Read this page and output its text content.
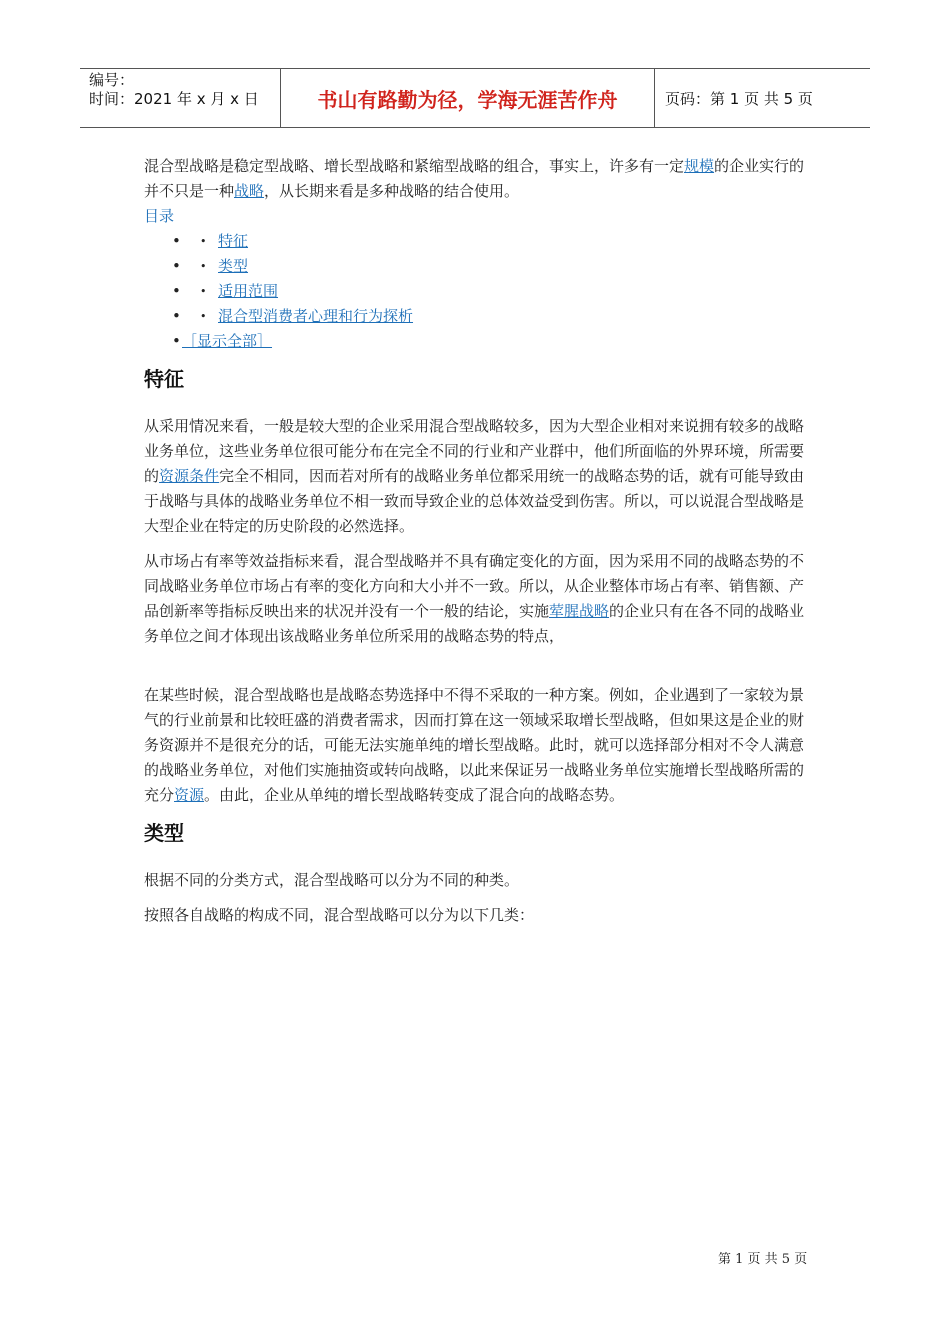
编号：
时间：2021 年 x 月 x 日	书山有路勤为径，学海无涯苦作舟	页码：第 1 页 共 5 页

混合型战略是稳定型战略、增长型战略和紧缩型战略的组合，事实上，许多有一定规模的企业实行的并不只是一种战略，从长期来看是多种战略的结合使用。

目录
• • 特征
• • 类型
• • 适用范围
• • 混合型消费者心理和行为探析
• ［显示全部］
特征

从采用情况来看，一般是较大型的企业采用混合型战略较多，因为大型企业相对来说拥有较多的战略业务单位，这些业务单位很可能分布在完全不同的行业和产业群中，他们所面临的外界环境，所需要的资源条件完全不相同，因而若对所有的战略业务单位都采用统一的战略态势的话，就有可能导致由于战略与具体的战略业务单位不相一致而导致企业的总体效益受到伤害。所以，可以说混合型战略是大型企业在特定的历史阶段的必然选择。

从市场占有率等效益指标来看，混合型战略并不具有确定变化的方面，因为采用不同的战略态势的不同战略业务单位市场占有率的变化方向和大小并不一致。所以，从企业整体市场占有率、销售额、产品创新率等指标反映出来的状况并没有一个一般的结论，实施荤腥战略的企业只有在各不同的战略业务单位之间才体现出该战略业务单位所采用的战略态势的特点，

在某些时候，混合型战略也是战略态势选择中不得不采取的一种方案。例如，企业遇到了一家较为景气的行业前景和比较旺盛的消费者需求，因而打算在这一领域采取增长型战略，但如果这是企业的财务资源并不是很充分的话，可能无法实施单纯的增长型战略。此时，就可以选择部分相对不令人满意的战略业务单位，对他们实施抽资或转向战略，以此来保证另一战略业务单位实施增长型战略所需的充分资源。由此，企业从单纯的增长型战略转变成了混合向的战略态势。

类型

根据不同的分类方式，混合型战略可以分为不同的种类。

按照各自战略的构成不同，混合型战略可以分为以下几类：

第 1 页 共 5 页
